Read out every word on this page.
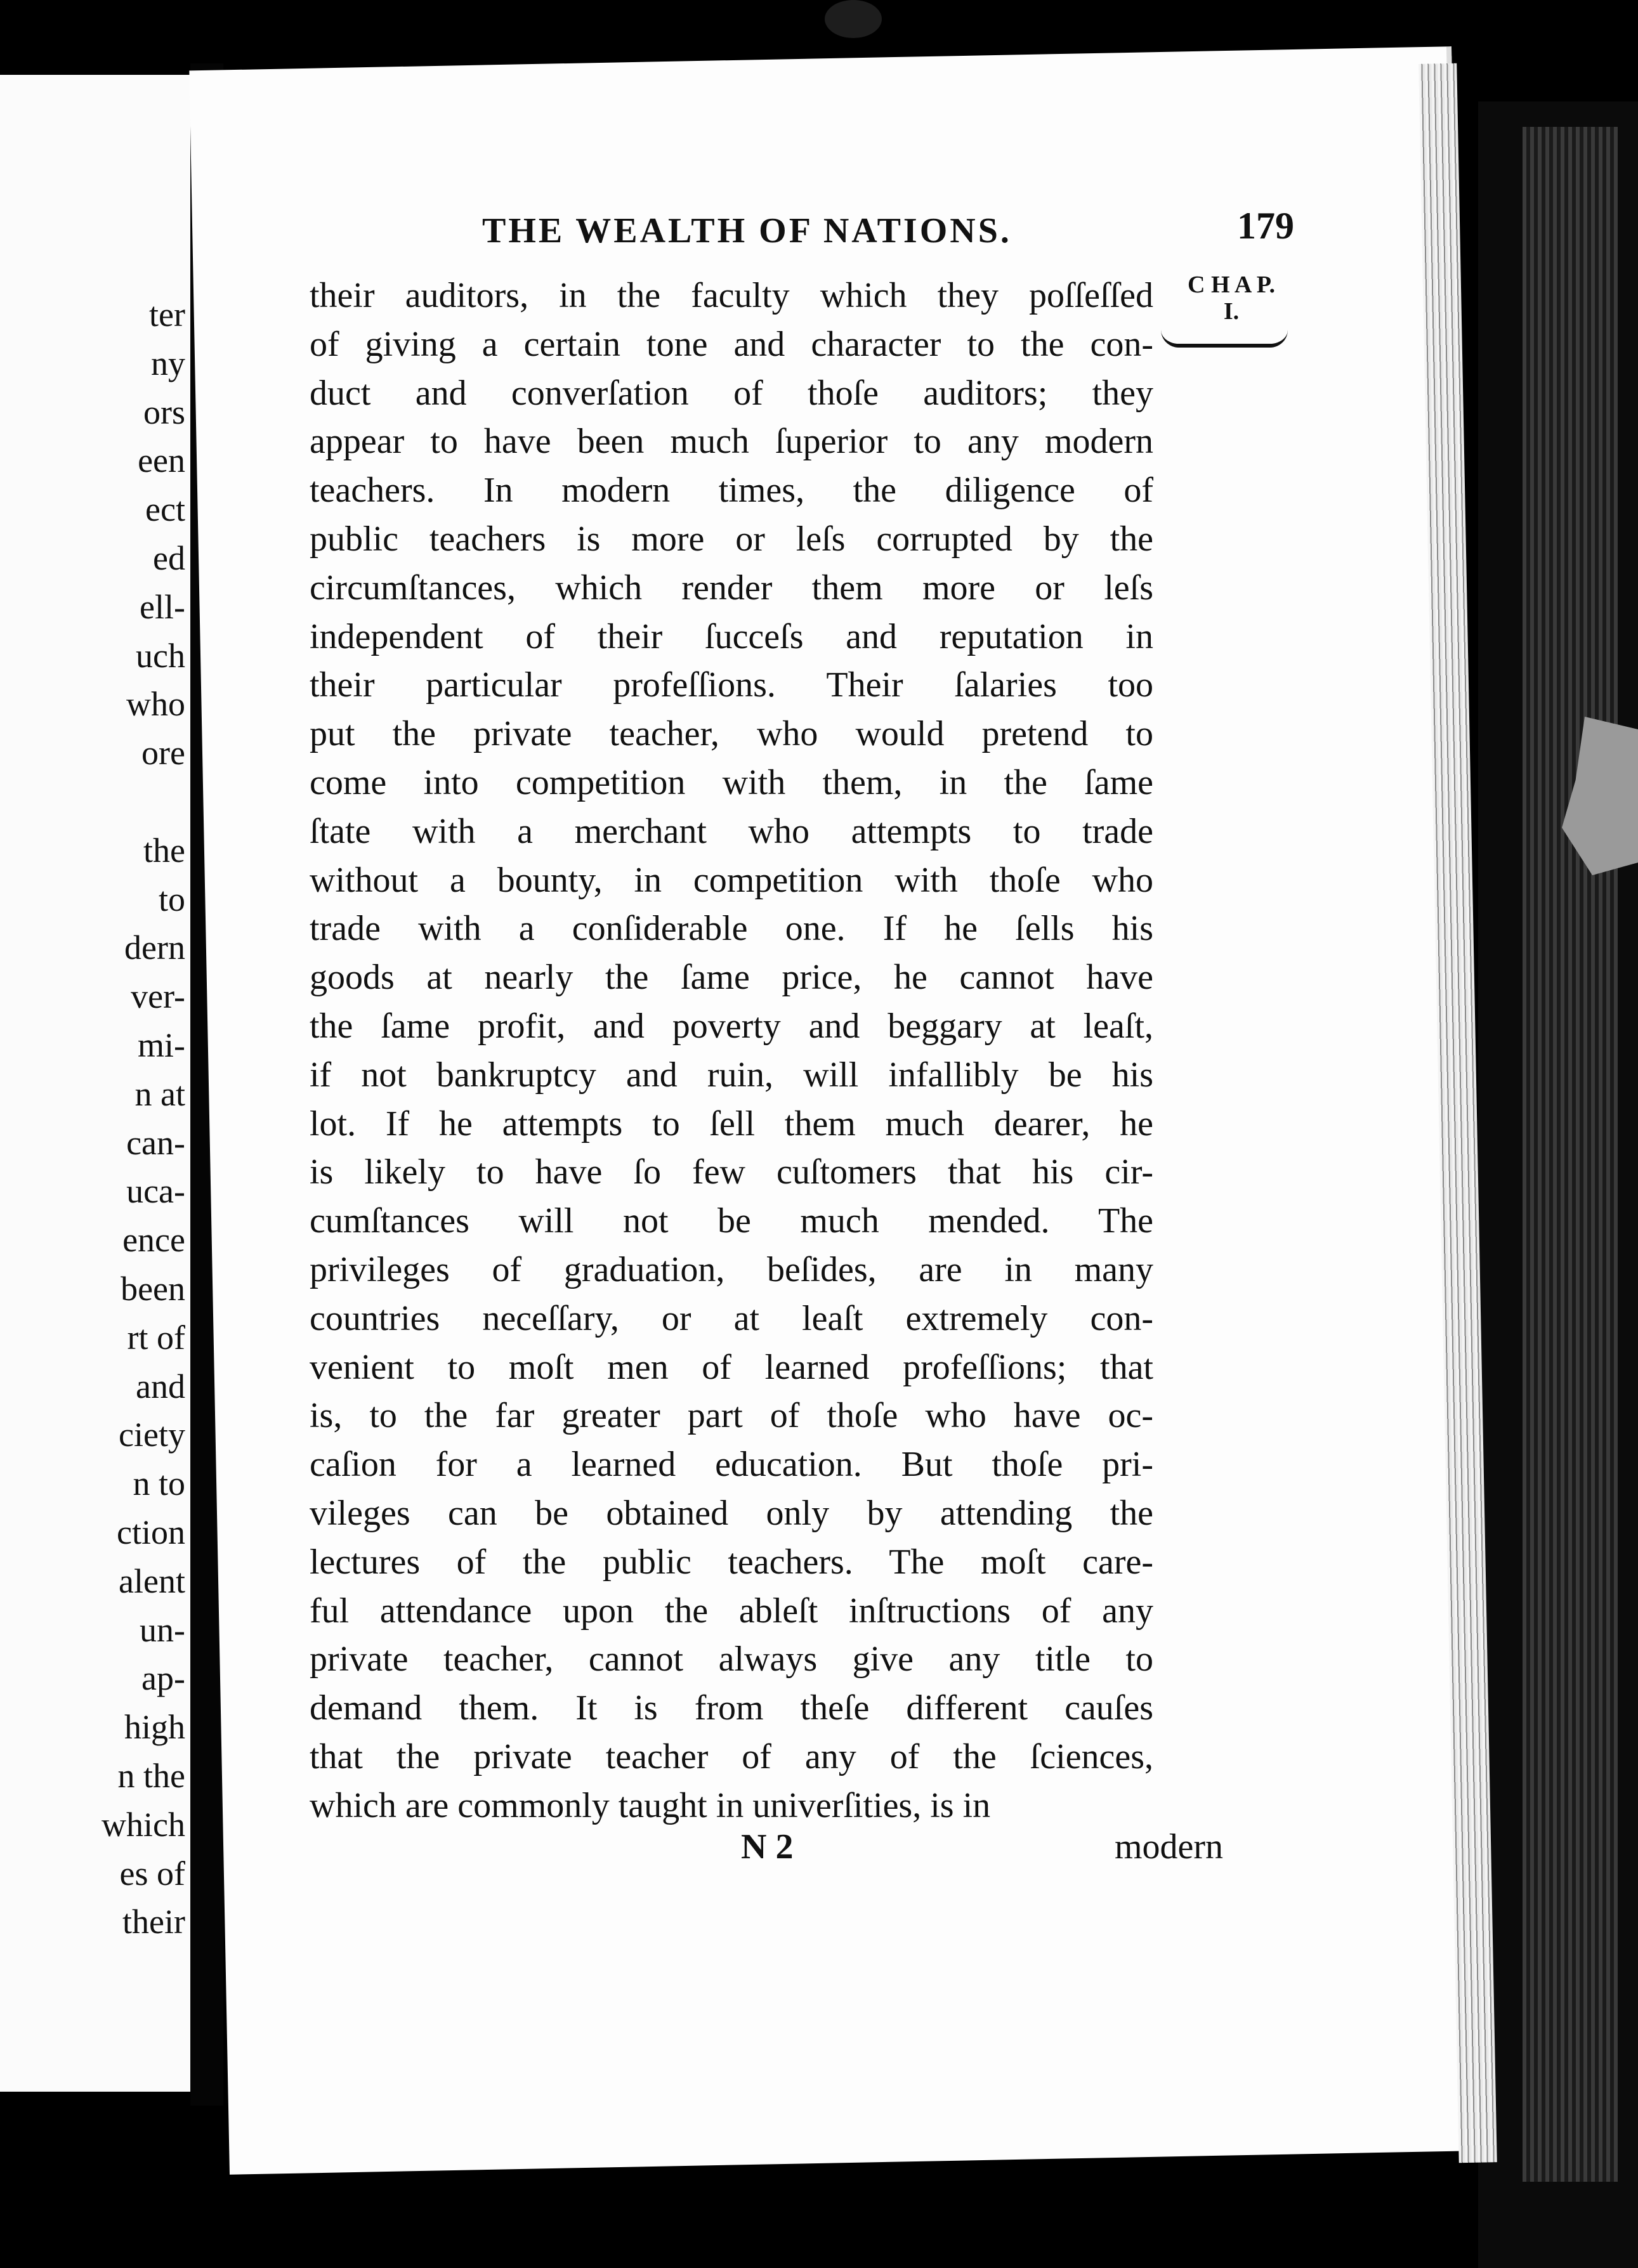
ter
ny
ors
een
ect
ed
ell-
uch
who
ore

the
to
dern
ver-
mi-
n at
can-
uca-
ence
been
rt of
and
ciety
n to
ction
alent
un-
ap-
high
n the
which
es of
their
THE WEALTH OF NATIONS.	179
C H A P.
I.
their auditors, in the faculty which they poſſeſſed
of giving a certain tone and character to the con-
duct and converſation of thoſe auditors; they
appear to have been much ſuperior to any modern
teachers. In modern times, the diligence of
public teachers is more or leſs corrupted by the
circumſtances, which render them more or leſs
independent of their ſucceſs and reputation in
their particular profeſſions. Their ſalaries too
put the private teacher, who would pretend to
come into competition with them, in the ſame
ſtate with a merchant who attempts to trade
without a bounty, in competition with thoſe who
trade with a conſiderable one. If he ſells his
goods at nearly the ſame price, he cannot have
the ſame profit, and poverty and beggary at leaſt,
if not bankruptcy and ruin, will infallibly be his
lot. If he attempts to ſell them much dearer, he
is likely to have ſo few cuſtomers that his cir-
cumſtances will not be much mended. The
privileges of graduation, beſides, are in many
countries neceſſary, or at leaſt extremely con-
venient to moſt men of learned profeſſions; that
is, to the far greater part of thoſe who have oc-
caſion for a learned education. But thoſe pri-
vileges can be obtained only by attending the
lectures of the public teachers. The moſt care-
ful attendance upon the ableſt inſtructions of any
private teacher, cannot always give any title to
demand them. It is from theſe different cauſes
that the private teacher of any of the ſciences,
which are commonly taught in univerſities, is in
N 2	modern
